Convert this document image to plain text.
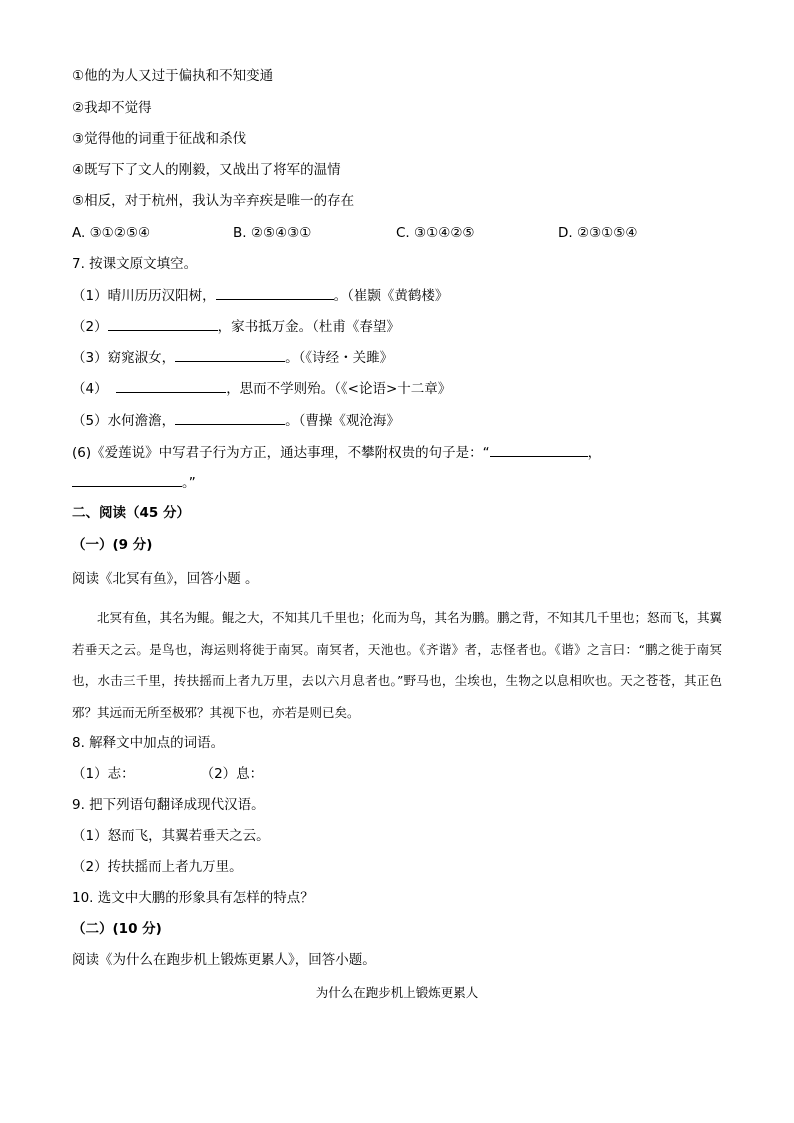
①他的为人又过于偏执和不知变通
②我却不觉得
③觉得他的词重于征战和杀伐
④既写下了文人的刚毅，又战出了将军的温情
⑤相反，对于杭州，我认为辛弃疾是唯一的存在
A. ③①②⑤④	B. ②⑤④③①	C. ③①④②⑤	D. ②③①⑤④
7. 按课文原文填空。
（1）晴川历历汉阳树，	。（崔颢《黄鹤楼》
（2）	，家书抵万金。（杜甫《春望》
（3）窈窕淑女，	。（《诗经・关雎》
（4）	，思而不学则殆。（《<论语>十二章》
（5）水何澹澹，	。（曹操《观沧海》
(6)《爱莲说》中写君子行为方正，通达事理，不攀附权贵的句子是：“	，
。”
二、阅读（45 分）
（一）(9 分)
阅读《北冥有鱼》，回答小题 。
北冥有鱼，其名为鲲。鲲之大，不知其几千里也；化而为鸟，其名为鹏。鹏之背，不知其几千里也；怒而飞，其翼若垂天之云。是鸟也，海运则将徙于南冥。南冥者，天池也。《齐谐》者，志怪者也。《谐》之言曰：“鹏之徙于南冥也，水击三千里，抟扶摇而上者九万里，去以六月息者也。”野马也，尘埃也，生物之以息相吹也。天之苍苍，其正色邪？其远而无所至极邪？其视下也，亦若是则已矣。
8. 解释文中加点的词语。
（1）志：	（2）息：
9. 把下列语句翻译成现代汉语。
（1）怒而飞，其翼若垂天之云。
（2）抟扶摇而上者九万里。
10. 选文中大鹏的形象具有怎样的特点？
（二）(10 分)
阅读《为什么在跑步机上锻炼更累人》，回答小题。
为什么在跑步机上锻炼更累人
